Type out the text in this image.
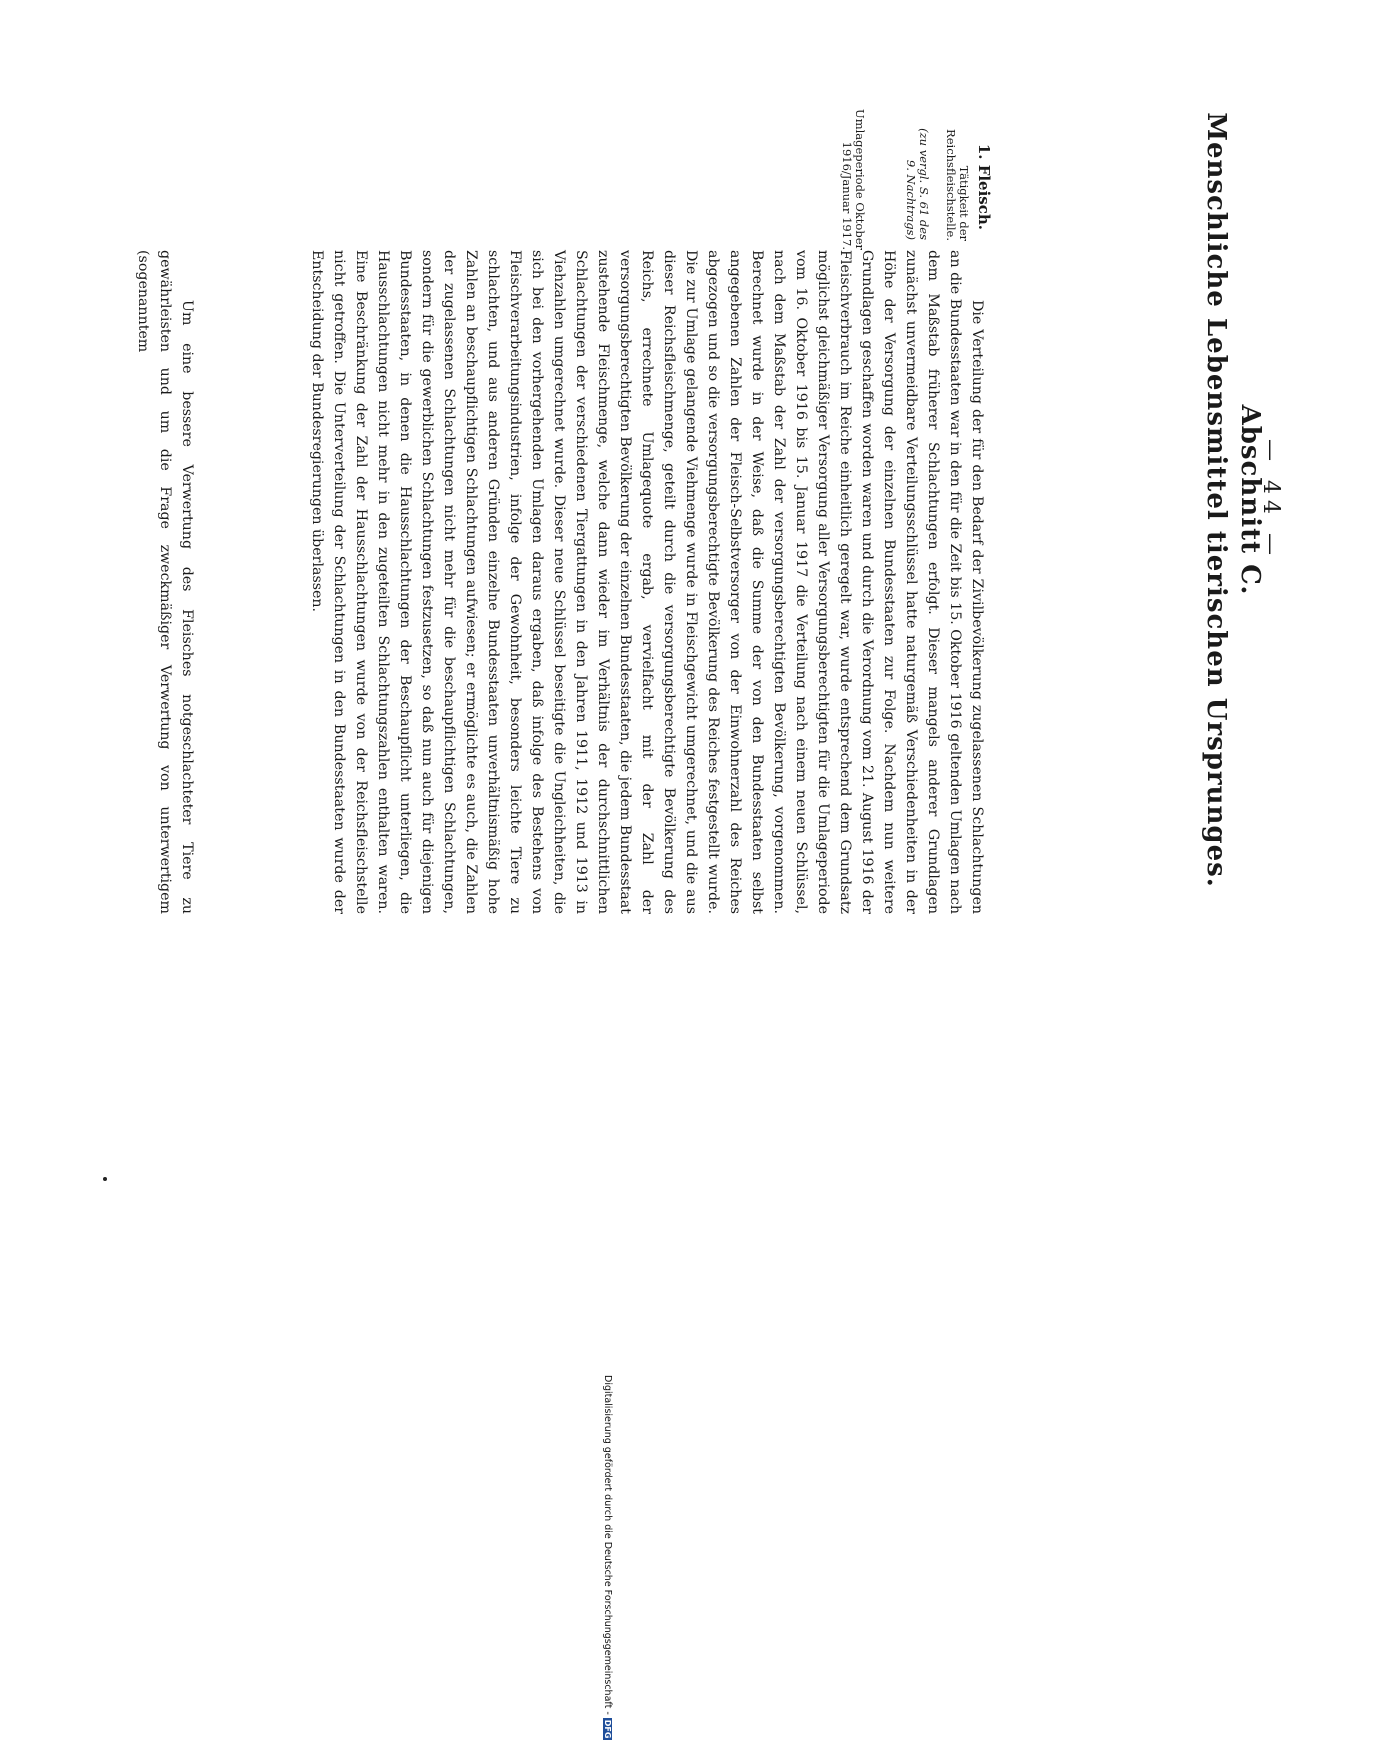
— 44 —
Abschnitt C.
Menschliche Lebensmittel tierischen Ursprunges.
1. Fleisch.
Tätigkeit der Reichsfleischstelle.
(zu vergl. S. 61 des 9. Nachtrags)
Umlageperiode Oktober 1916/Januar 1917.
Die Verteilung der für den Bedarf der Zivilbevölkerung zugelassenen Schlachtungen an die Bundesstaaten war in den für die Zeit bis 15. Oktober 1916 geltenden Umlagen nach dem Maßstab früherer Schlachtungen erfolgt. Dieser mangels anderer Grundlagen zunächst unvermeidbare Verteilungsschlüssel hatte naturgemäß Verschiedenheiten in der Höhe der Versorgung der einzelnen Bundesstaaten zur Folge. Nachdem nun weitere Grundlagen geschaffen worden waren und durch die Verordnung vom 21. August 1916 der Fleischverbrauch im Reiche einheitlich geregelt war, wurde entsprechend dem Grundsatz möglichst gleichmäßiger Versorgung aller Versorgungsberechtigten für die Umlageperiode vom 16. Oktober 1916 bis 15. Januar 1917 die Verteilung nach einem neuen Schlüssel, nach dem Maßstab der Zahl der versorgungsberechtigten Bevölkerung, vorgenommen. Berechnet wurde in der Weise, daß die Summe der von den Bundesstaaten selbst angegebenen Zahlen der Fleisch-Selbstversorger von der Einwohnerzahl des Reiches abgezogen und so die versorgungsberechtigte Bevölkerung des Reiches festgestellt wurde. Die zur Umlage gelangende Viehmenge wurde in Fleischgewicht umgerechnet, und die aus dieser Reichsfleischmenge, geteilt durch die versorgungsberechtigte Bevölkerung des Reichs, errechnete Umlagequote ergab, vervielfacht mit der Zahl der versorgungsberechtigten Bevölkerung der einzelnen Bundesstaaten, die jedem Bundesstaat zustehende Fleischmenge, welche dann wieder im Verhältnis der durchschnittlichen Schlachtungen der verschiedenen Tiergattungen in den Jahren 1911, 1912 und 1913 in Viehzahlen umgerechnet wurde. Dieser neue Schlüssel beseitigte die Ungleichheiten, die sich bei den vorhergehenden Umlagen daraus ergaben, daß infolge des Bestehens von Fleischverarbeitungsindustrien, infolge der Gewohnheit, besonders leichte Tiere zu schlachten, und aus anderen Gründen einzelne Bundesstaaten unverhältnismäßig hohe Zahlen an beschaupflichtigen Schlachtungen aufwiesen; er ermöglichte es auch, die Zahlen der zugelassenen Schlachtungen nicht mehr für die beschaupflichtigen Schlachtungen, sondern für die gewerblichen Schlachtungen festzusetzen, so daß nun auch für diejenigen Bundesstaaten, in denen die Hausschlachtungen der Beschaupflicht unterliegen, die Hausschlachtungen nicht mehr in den zugeteilten Schlachtungszahlen enthalten waren. Eine Beschränkung der Zahl der Hausschlachtungen wurde von der Reichsfleischstelle nicht getroffen. Die Unterverteilung der Schlachtungen in den Bundesstaaten wurde der Entscheidung der Bundesregierungen überlassen.
Um eine bessere Verwertung des Fleisches notgeschlachteter Tiere zu gewährleisten und um die Frage zweckmäßiger Verwertung von unterwertigem (sogenanntem
Digitalisierung gefördert durch die Deutsche Forschungsgemeinschaft -DFG
